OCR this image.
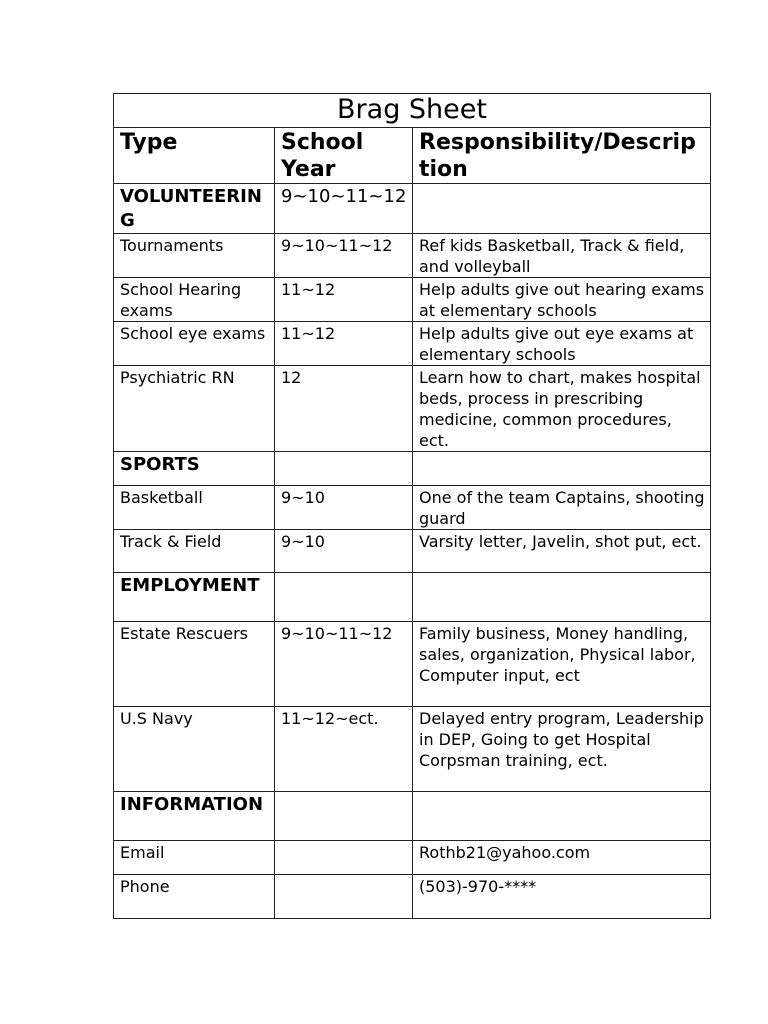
Brag Sheet		
Type	School Year	Responsibility/Description
VOLUNTEERING	9~10~11~12	
Tournaments	9~10~11~12	Ref kids Basketball, Track & field, and volleyball
School Hearing exams	11~12	Help adults give out hearing exams at elementary schools
School eye exams	11~12	Help adults give out eye exams at elementary schools
Psychiatric RN	12	Learn how to chart, makes hospital beds, process in prescribing medicine, common procedures, ect.
SPORTS		
Basketball	9~10	One of the team Captains, shooting guard
Track & Field	9~10	Varsity letter, Javelin, shot put, ect.
EMPLOYMENT		
Estate Rescuers	9~10~11~12	Family business, Money handling, sales, organization, Physical labor, Computer input, ect
U.S Navy	11~12~ect.	Delayed entry program, Leadership in DEP, Going to get Hospital Corpsman training, ect.
INFORMATION		
Email		Rothb21@yahoo.com
Phone		(503)-970-****
